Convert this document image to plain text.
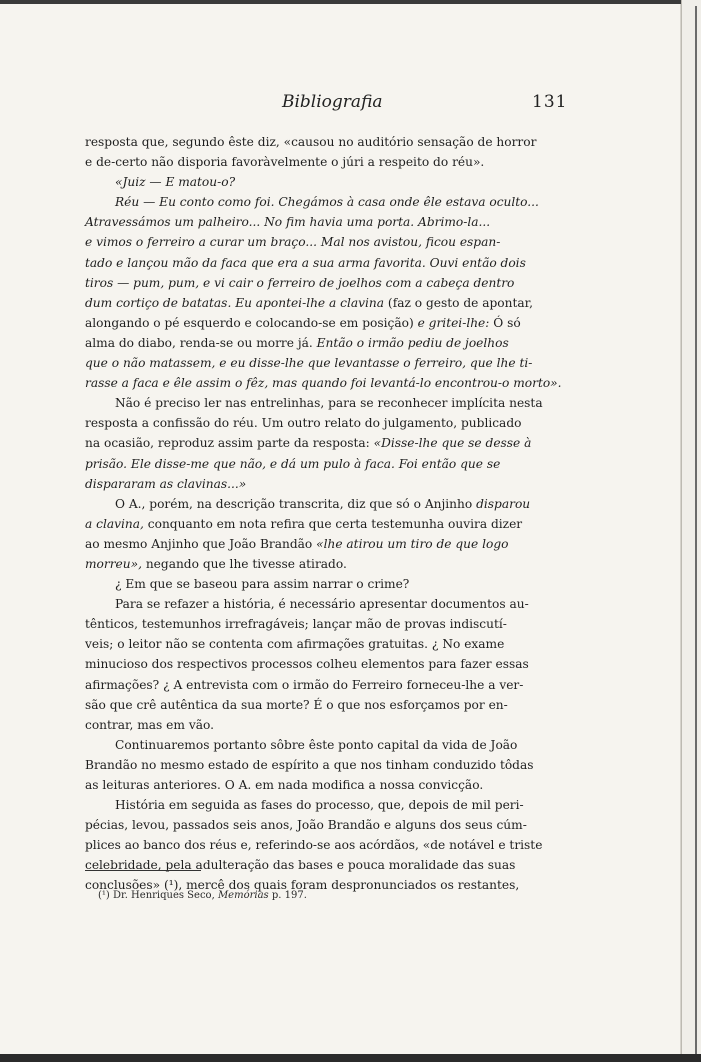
Bibliografia	131
resposta que, segundo êste diz, «causou no auditório sensação de horror
e de-certo não disporia favoràvelmente o júri a respeito do réu».
«Juiz — E matou-o?
Réu — Eu conto como foi. Chegámos à casa onde êle estava oculto...
Atravessámos um palheiro... No fim havia uma porta. Abrimo-la...
e vimos o ferreiro a curar um braço... Mal nos avistou, ficou espan-
tado e lançou mão da faca que era a sua arma favorita. Ouvi então dois
tiros — pum, pum, e vi cair o ferreiro de joelhos com a cabeça dentro
dum cortiço de batatas. Eu apontei-lhe a clavina (faz o gesto de apontar,
alongando o pé esquerdo e colocando-se em posição) e gritei-lhe: Ó só
alma do diabo, renda-se ou morre já. Então o irmão pediu de joelhos
que o não matassem, e eu disse-lhe que levantasse o ferreiro, que lhe ti-
rasse a faca e êle assim o fêz, mas quando foi levantá-lo encontrou-o morto».
Não é preciso ler nas entrelinhas, para se reconhecer implícita nesta
resposta a confissão do réu. Um outro relato do julgamento, publicado
na ocasião, reproduz assim parte da resposta: «Disse-lhe que se desse à
prisão. Ele disse-me que não, e dá um pulo à faca. Foi então que se
dispararam as clavinas...»
O A., porém, na descrição transcrita, diz que só o Anjinho disparou
a clavina, conquanto em nota refira que certa testemunha ouvira dizer
ao mesmo Anjinho que João Brandão «lhe atirou um tiro de que logo
morreu», negando que lhe tivesse atirado.
¿ Em que se baseou para assim narrar o crime?
Para se refazer a história, é necessário apresentar documentos au-
tênticos, testemunhos irrefragáveis; lançar mão de provas indiscutí-
veis; o leitor não se contenta com afirmações gratuitas. ¿ No exame
minucioso dos respectivos processos colheu elementos para fazer essas
afirmações? ¿ A entrevista com o irmão do Ferreiro forneceu-lhe a ver-
são que crê autêntica da sua morte? É o que nos esforçamos por en-
contrar, mas em vão.
Continuaremos portanto sôbre êste ponto capital da vida de João
Brandão no mesmo estado de espírito a que nos tinham conduzido tôdas
as leituras anteriores. O A. em nada modifica a nossa convicção.
História em seguida as fases do processo, que, depois de mil peri-
pécias, levou, passados seis anos, João Brandão e alguns dos seus cúm-
plices ao banco dos réus e, referindo-se aos acórdãos, «de notável e triste
celebridade, pela adulteração das bases e pouca moralidade das suas
conclusões» (¹), mercê dos quais foram despronunciados os restantes,
(¹) Dr. Henriques Seco, Memórias p. 197.
